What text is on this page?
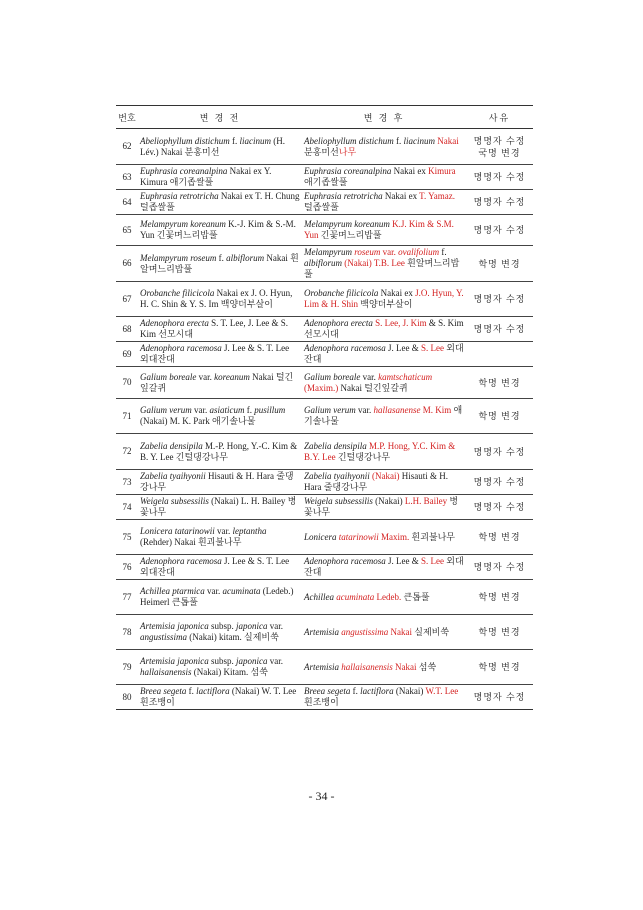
번호	변 경 전	변 경 후	사유
62	Abeliophyllum distichum f. liacinum (H. Lév.) Nakai 분홍미선	Abeliophyllum distichum f. liacinum Nakai 분홍미선나무	명명자 수정
국명 변경

63	Euphrasia coreanalpina Nakai ex Y. Kimura 애기좁쌀풀	Euphrasia coreanalpina Nakai ex Kimura 애기좁쌀풀	명명자 수정

64	Euphrasia retrotricha Nakai ex T. H. Chung 털좁쌀풀	Euphrasia retrotricha Nakai ex T. Yamaz. 털좁쌀풀	명명자 수정

65	Melampyrum koreanum K.-J. Kim & S.-M. Yun 긴꽃며느리밥풀	Melampyrum koreanum K.J. Kim & S.M. Yun 긴꽃며느리밥풀	명명자 수정

66	Melampyrum roseum f. albiflorum Nakai 흰알며느리밥풀	Melampyrum roseum var. ovalifolium f. albiflorum (Nakai) T.B. Lee 흰알며느리밥풀	학명 변경

67	Orobanche filicicola Nakai ex J. O. Hyun, H. C. Shin & Y. S. Im 백양더부살이	Orobanche filicicola Nakai ex J.O. Hyun, Y. Lim & H. Shin 백양더부살이	명명자 수정

68	Adenophora erecta S. T. Lee, J. Lee & S. Kim 선모시대	Adenophora erecta S. Lee, J. Kim & S. Kim 선모시대	명명자 수정

69	Adenophora racemosa J. Lee & S. T. Lee 외대잔대	Adenophora racemosa J. Lee & S. Lee 외대잔대	

70	Galium boreale var. koreanum Nakai 털긴잎갈퀴	Galium boreale var. kamtschaticum (Maxim.) Nakai 털긴잎갈퀴	학명 변경

71	Galium verum var. asiaticum f. pusillum (Nakai) M. K. Park 애기솔나물	Galium verum var. hallasanense M. Kim 애기솔나물	학명 변경

72	Zabelia densipila M.-P. Hong, Y.-C. Kim & B. Y. Lee 긴털댕강나무	Zabelia densipila M.P. Hong, Y.C. Kim & B.Y. Lee 긴털댕강나무	명명자 수정

73	Zabelia tyaihyonii Hisauti & H. Hara 줄댕강나무	Zabelia tyaihyonii (Nakai) Hisauti & H. Hara 줄댕강나무	명명자 수정

74	Weigela subsessilis (Nakai) L. H. Bailey 병꽃나무	Weigela subsessilis (Nakai) L.H. Bailey 병꽃나무	명명자 수정

75	Lonicera tatarinowii var. leptantha (Rehder) Nakai 흰괴불나무	Lonicera tatarinowii Maxim. 흰괴불나무	학명 변경

76	Adenophora racemosa J. Lee & S. T. Lee 외대잔대	Adenophora racemosa J. Lee & S. Lee 외대잔대	명명자 수정

77	Achillea ptarmica var. acuminata (Ledeb.) Heimerl 큰톱풀	Achillea acuminata Ledeb. 큰톱풀	학명 변경

78	Artemisia japonica subsp. japonica var. angustissima (Nakai) kitam. 실제비쑥	Artemisia angustissima Nakai 실제비쑥	학명 변경

79	Artemisia japonica subsp. japonica var. hallaisanensis (Nakai) Kitam. 섬쑥	Artemisia hallaisanensis Nakai 섬쑥	학명 변경

80	Breea segeta f. lactiflora (Nakai) W. T. Lee 흰조뱅이	Breea segeta f. lactiflora (Nakai) W.T. Lee 흰조뱅이	명명자 수정
- 34 -
